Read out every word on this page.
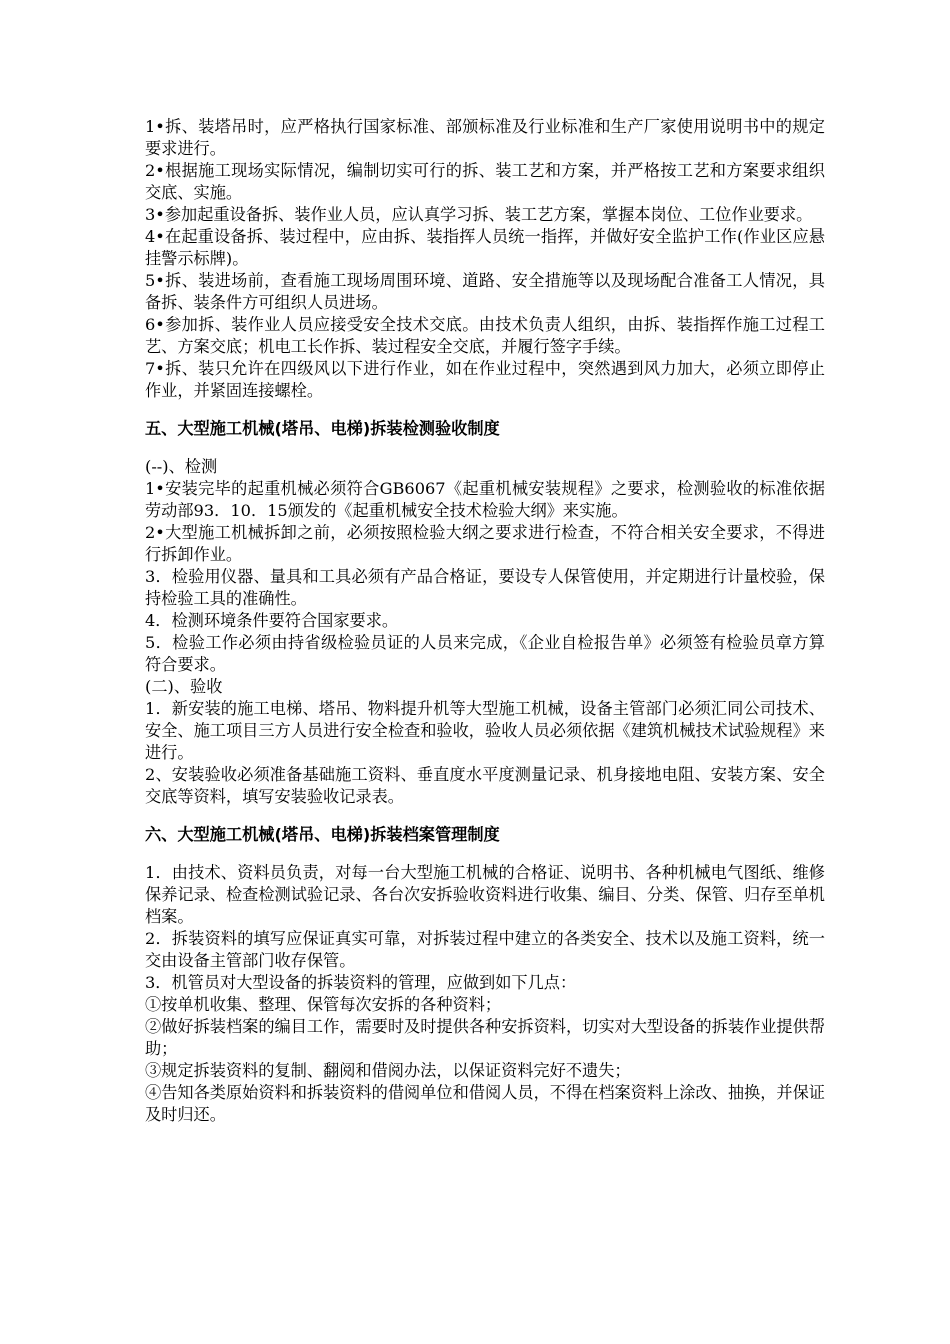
1•拆、装塔吊时，应严格执行国家标准、部颁标准及行业标准和生产厂家使用说明书中的规定要求进行。

2•根据施工现场实际情况，编制切实可行的拆、装工艺和方案，并严格按工艺和方案要求组织交底、实施。

3•参加起重设备拆、装作业人员，应认真学习拆、装工艺方案，掌握本岗位、工位作业要求。

4•在起重设备拆、装过程中，应由拆、装指挥人员统一指挥，并做好安全监护工作(作业区应悬挂警示标牌)。

5•拆、装进场前，查看施工现场周围环境、道路、安全措施等以及现场配合准备工人情况，具备拆、装条件方可组织人员进场。

6•参加拆、装作业人员应接受安全技术交底。由技术负责人组织，由拆、装指挥作施工过程工艺、方案交底；机电工长作拆、装过程安全交底，并履行签字手续。

7•拆、装只允许在四级风以下进行作业，如在作业过程中，突然遇到风力加大，必须立即停止作业，并紧固连接螺栓。

五、大型施工机械(塔吊、电梯)拆装检测验收制度

(--)、检测

1•安装完毕的起重机械必须符合GB6067《起重机械安装规程》之要求，检测验收的标准依据劳动部93．10．15颁发的《起重机械安全技术检验大纲》来实施。

2•大型施工机械拆卸之前，必须按照检验大纲之要求进行检查，不符合相关安全要求，不得进行拆卸作业。

3．检验用仪器、量具和工具必须有产品合格证，要设专人保管使用，并定期进行计量校验，保持检验工具的准确性。

4．检测环境条件要符合国家要求。

5．检验工作必须由持省级检验员证的人员来完成，《企业自检报告单》必须签有检验员章方算符合要求。

(二)、验收

1．新安装的施工电梯、塔吊、物料提升机等大型施工机械，设备主管部门必须汇同公司技术、安全、施工项目三方人员进行安全检查和验收，验收人员必须依据《建筑机械技术试验规程》来进行。

2、安装验收必须准备基础施工资料、垂直度水平度测量记录、机身接地电阻、安装方案、安全交底等资料，填写安装验收记录表。

六、大型施工机械(塔吊、电梯)拆装档案管理制度

1．由技术、资料员负责，对每一台大型施工机械的合格证、说明书、各种机械电气图纸、维修保养记录、检查检测试验记录、各台次安拆验收资料进行收集、编目、分类、保管、归存至单机档案。

2．拆装资料的填写应保证真实可靠，对拆装过程中建立的各类安全、技术以及施工资料，统一交由设备主管部门收存保管。

3．机管员对大型设备的拆装资料的管理，应做到如下几点：

①按单机收集、整理、保管每次安拆的各种资料；

②做好拆装档案的编目工作，需要时及时提供各种安拆资料，切实对大型设备的拆装作业提供帮助；

③规定拆装资料的复制、翻阅和借阅办法，以保证资料完好不遗失；

④告知各类原始资料和拆装资料的借阅单位和借阅人员，不得在档案资料上涂改、抽换，并保证及时归还。
